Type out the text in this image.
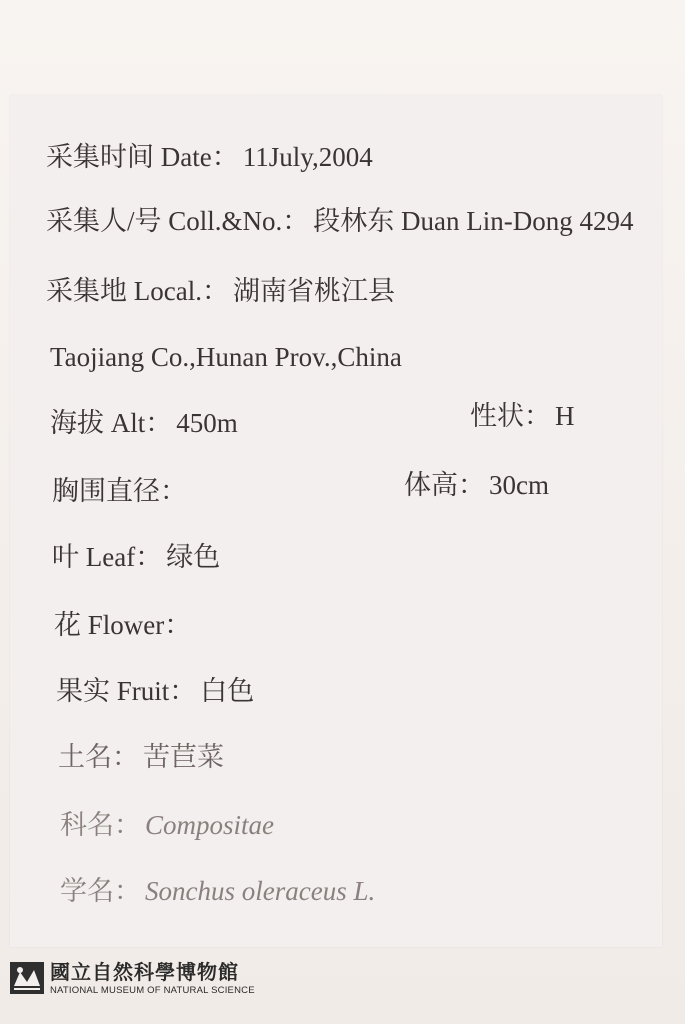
采集时间 Date： 11July,2004
采集人/号 Coll.&No.： 段林东 Duan Lin-Dong 4294
采集地 Local.： 湖南省桃江县
Taojiang Co.,Hunan Prov.,China
海拔 Alt： 450m	性状： H
胸围直径：	体高： 30cm
叶 Leaf： 绿色
花 Flower：
果实 Fruit： 白色
土名： 苦苣菜
科名： Compositae
学名： Sonchus oleraceus L.
國立自然科學博物館
NATIONAL MUSEUM OF NATURAL SCIENCE
